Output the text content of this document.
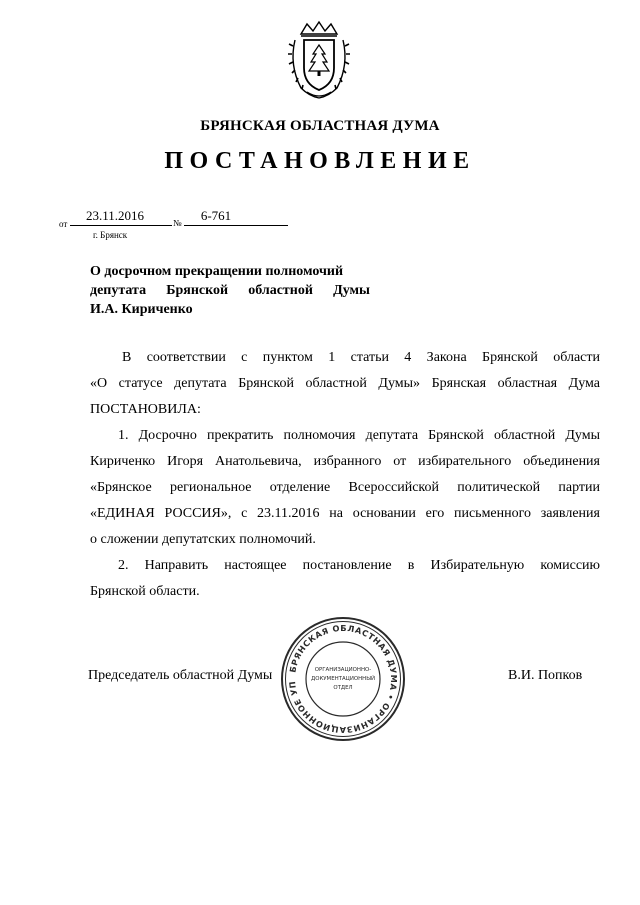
БРЯНСКАЯ ОБЛАСТНАЯ ДУМА
ПОСТАНОВЛЕНИЕ
от
23.11.2016	№	6-761
г. Брянск
О досрочном прекращении полномочий
депутата Брянской областной Думы
И.А. Кириченко
В соответствии с пунктом 1 статьи 4 Закона Брянской области
«О статусе депутата Брянской областной Думы» Брянская областная Дума
ПОСТАНОВИЛА:
1. Досрочно прекратить полномочия депутата Брянской областной Думы
Кириченко Игоря Анатольевича, избранного от избирательного объединения
«Брянское региональное отделение Всероссийской политической партии
«ЕДИНАЯ РОССИЯ», с 23.11.2016 на основании его письменного заявления
о сложении депутатских полномочий.
2. Направить настоящее постановление в Избирательную комиссию
Брянской области.
Председатель областной Думы	В.И. Попков
БРЯНСКАЯ ОБЛАСТНАЯ ДУМА • ОРГАНИЗАЦИОННОЕ УП
ОРГАНИЗАЦИОННО-
ДОКУМЕНТАЦИОННЫЙ
ОТДЕЛ
